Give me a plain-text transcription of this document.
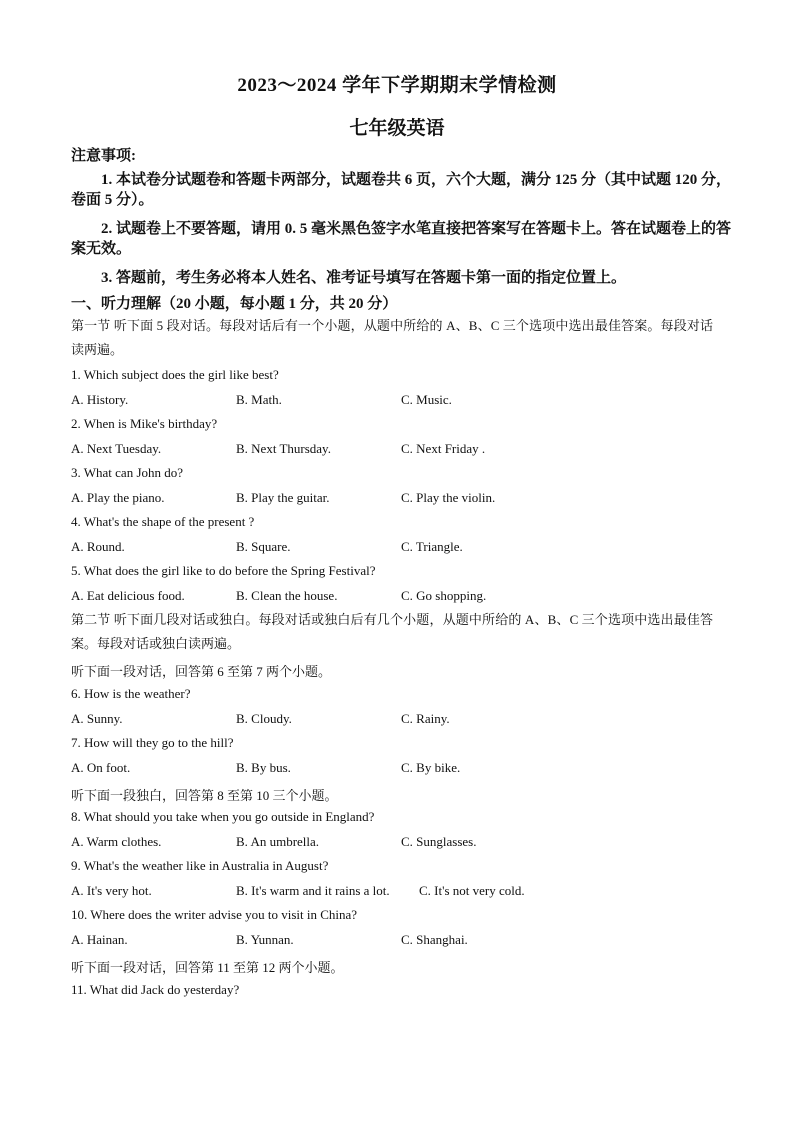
2023～2024 学年下学期期末学情检测
七年级英语
注意事项:
1. 本试卷分试题卷和答题卡两部分，试题卷共 6 页，六个大题，满分 125 分（其中试题 120 分，卷面 5 分）。
2. 试题卷上不要答题，请用 0. 5 毫米黑色签字水笔直接把答案写在答题卡上。答在试题卷上的答案无效。
3. 答题前，考生务必将本人姓名、准考证号填写在答题卡第一面的指定位置上。
一、听力理解（20 小题，每小题 1 分，共 20 分）
第一节 听下面 5 段对话。每段对话后有一个小题，从题中所给的 A、B、C 三个选项中选出最佳答案。每段对话读两遍。
1. Which subject does the girl like best?
A. History.	B. Math.	C. Music.
2. When is Mike's birthday?
A. Next Tuesday.	B. Next Thursday.	C. Next Friday .
3. What can John do?
A. Play the piano.	B. Play the guitar.	C. Play the violin.
4. What's the shape of the present ?
A. Round.	B. Square.	C. Triangle.
5. What does the girl like to do before the Spring Festival?
A. Eat delicious food.	B. Clean the house.	C. Go shopping.
第二节 听下面几段对话或独白。每段对话或独白后有几个小题，从题中所给的 A、B、C 三个选项中选出最佳答案。每段对话或独白读两遍。
听下面一段对话，回答第 6 至第 7 两个小题。
6. How is the weather?
A. Sunny.	B. Cloudy.	C. Rainy.
7. How will they go to the hill?
A. On foot.	B. By bus.	C. By bike.
听下面一段独白，回答第 8 至第 10 三个小题。
8. What should you take when you go outside in England?
A. Warm clothes.	B. An umbrella.	C. Sunglasses.
9. What's the weather like in Australia in August?
A. It's very hot.	B. It's warm and it rains a lot. C. It's not very cold.
10. Where does the writer advise you to visit in China?
A. Hainan.	B. Yunnan.	C. Shanghai.
听下面一段对话，回答第 11 至第 12 两个小题。
11. What did Jack do yesterday?
